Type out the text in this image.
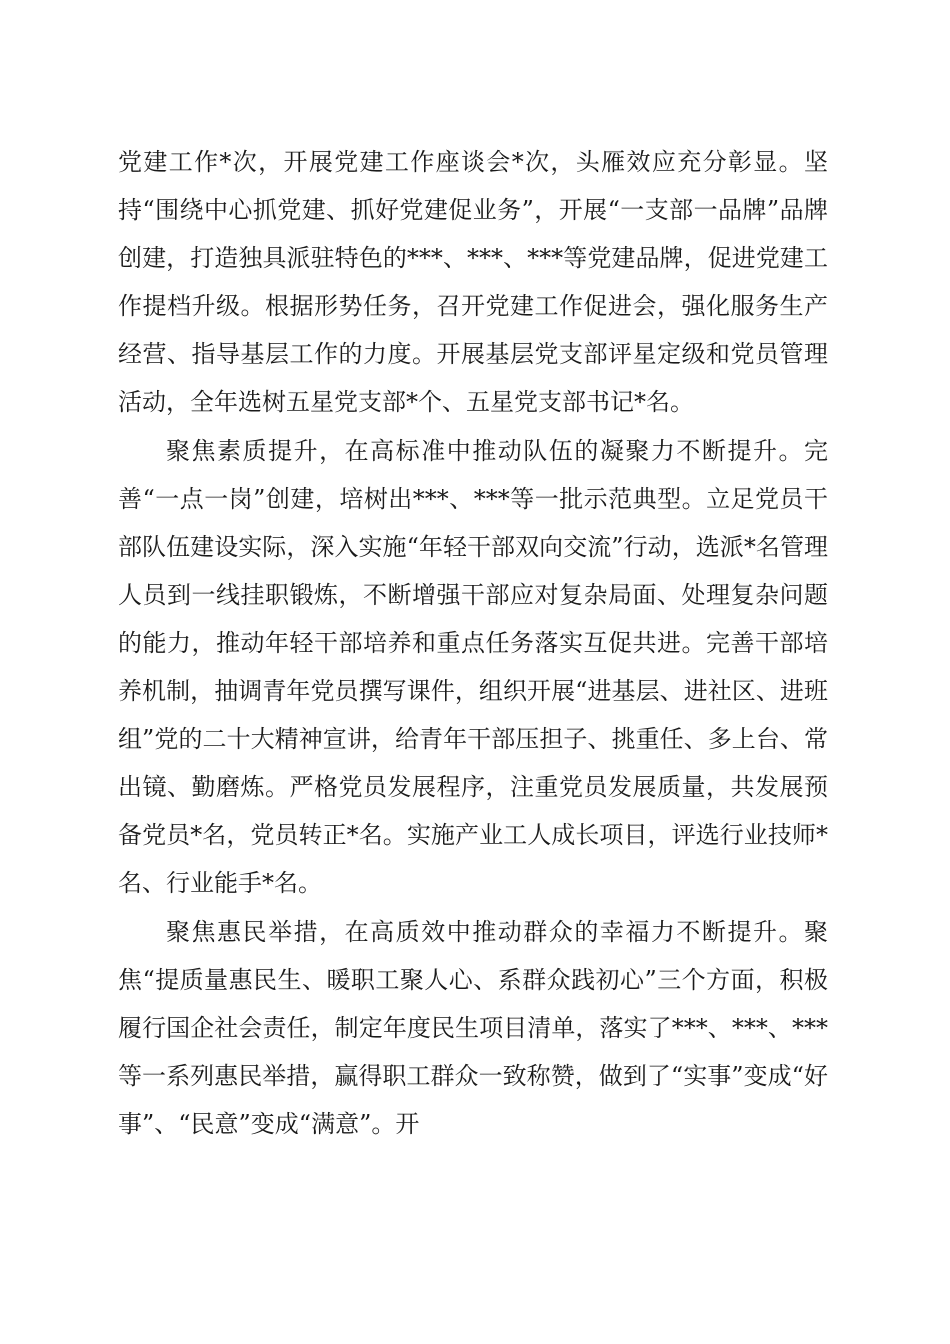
党建工作*次，开展党建工作座谈会*次，头雁效应充分彰显。坚持“围绕中心抓党建、抓好党建促业务”，开展“一支部一品牌”品牌创建，打造独具派驻特色的***、***、***等党建品牌，促进党建工作提档升级。根据形势任务，召开党建工作促进会，强化服务生产经营、指导基层工作的力度。开展基层党支部评星定级和党员管理活动，全年选树五星党支部*个、五星党支部书记*名。

聚焦素质提升，在高标准中推动队伍的凝聚力不断提升。完善“一点一岗”创建，培树出***、***等一批示范典型。立足党员干部队伍建设实际，深入实施“年轻干部双向交流”行动，选派*名管理人员到一线挂职锻炼，不断增强干部应对复杂局面、处理复杂问题的能力，推动年轻干部培养和重点任务落实互促共进。完善干部培养机制，抽调青年党员撰写课件，组织开展“进基层、进社区、进班组”党的二十大精神宣讲，给青年干部压担子、挑重任、多上台、常出镜、勤磨炼。严格党员发展程序，注重党员发展质量，共发展预备党员*名，党员转正*名。实施产业工人成长项目，评选行业技师*名、行业能手*名。

聚焦惠民举措，在高质效中推动群众的幸福力不断提升。聚焦“提质量惠民生、暖职工聚人心、系群众践初心”三个方面，积极履行国企社会责任，制定年度民生项目清单，落实了***、***、***等一系列惠民举措，赢得职工群众一致称赞，做到了“实事”变成“好事”、“民意”变成“满意”。开
